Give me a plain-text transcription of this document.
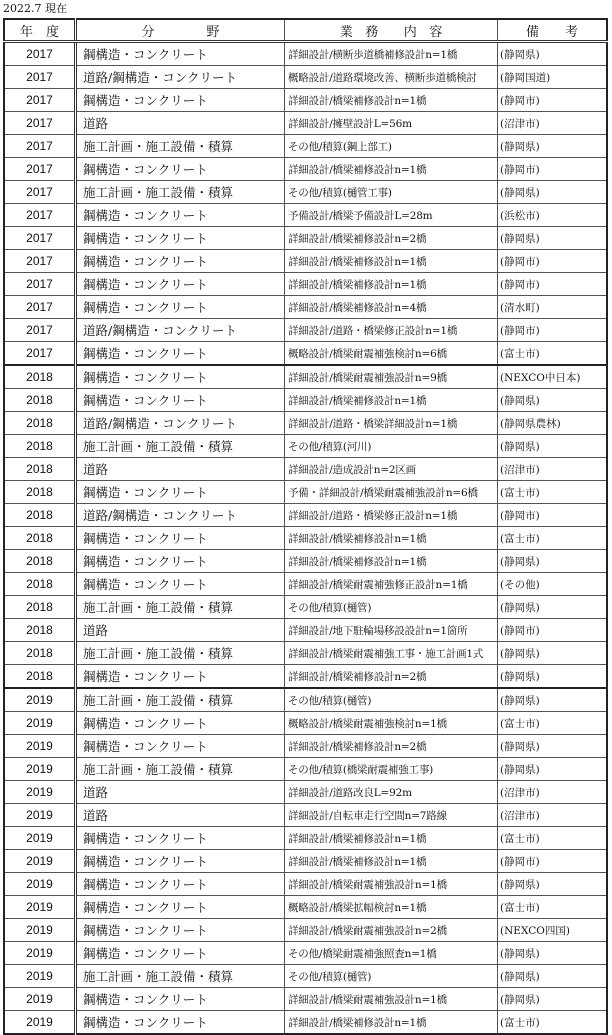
2022.7 現在
年　度	分　　　　野	業　務　　内　容	備　　考
2017	鋼構造・コンクリート	詳細設計/横断歩道橋補修設計n=1橋	(静岡県)
2017	道路/鋼構造・コンクリート	概略設計/道路環境改善、横断歩道橋検討	(静岡国道)
2017	鋼構造・コンクリート	詳細設計/橋梁補修設計n=1橋	(静岡市)
2017	道路	詳細設計/擁壁設計L=56m	(沼津市)
2017	施工計画・施工設備・積算	その他/積算(鋼上部工)	(静岡県)
2017	鋼構造・コンクリート	詳細設計/橋梁補修設計n=1橋	(静岡市)
2017	施工計画・施工設備・積算	その他/積算(樋管工事)	(静岡県)
2017	鋼構造・コンクリート	予備設計/橋梁予備設計L=28m	(浜松市)
2017	鋼構造・コンクリート	詳細設計/橋梁補修設計n=2橋	(静岡県)
2017	鋼構造・コンクリート	詳細設計/橋梁補修設計n=1橋	(静岡市)
2017	鋼構造・コンクリート	詳細設計/橋梁補修設計n=1橋	(静岡市)
2017	鋼構造・コンクリート	詳細設計/橋梁補修設計n=4橋	(清水町)
2017	道路/鋼構造・コンクリート	詳細設計/道路・橋梁修正設計n=1橋	(静岡市)
2017	鋼構造・コンクリート	概略設計/橋梁耐震補強検討n=6橋	(富士市)
2018	鋼構造・コンクリート	詳細設計/橋梁耐震補強設計n=9橋	(NEXCO中日本)
2018	鋼構造・コンクリート	詳細設計/橋梁補修設計n=1橋	(静岡県)
2018	道路/鋼構造・コンクリート	詳細設計/道路・橋梁詳細設計n=1橋	(静岡県農林)
2018	施工計画・施工設備・積算	その他/積算(河川)	(静岡県)
2018	道路	詳細設計/造成設計n=2区画	(沼津市)
2018	鋼構造・コンクリート	予備・詳細設計/橋梁耐震補強設計n=6橋	(富士市)
2018	道路/鋼構造・コンクリート	詳細設計/道路・橋梁修正設計n=1橋	(静岡市)
2018	鋼構造・コンクリート	詳細設計/橋梁補修設計n=1橋	(富士市)
2018	鋼構造・コンクリート	詳細設計/橋梁補修設計n=1橋	(静岡県)
2018	鋼構造・コンクリート	詳細設計/橋梁耐震補強修正設計n=1橋	(その他)
2018	施工計画・施工設備・積算	その他/積算(樋管)	(静岡県)
2018	道路	詳細設計/地下駐輪場移設設計n=1箇所	(静岡市)
2018	施工計画・施工設備・積算	詳細設計/橋梁耐震補強工事・施工計画1式	(静岡県)
2018	鋼構造・コンクリート	詳細設計/橋梁補修設計n=2橋	(静岡県)
2019	施工計画・施工設備・積算	その他/積算(樋管)	(静岡県)
2019	鋼構造・コンクリート	概略設計/橋梁耐震補強検討n=1橋	(富士市)
2019	鋼構造・コンクリート	詳細設計/橋梁補修設計n=2橋	(静岡県)
2019	施工計画・施工設備・積算	その他/積算(橋梁耐震補強工事)	(静岡県)
2019	道路	詳細設計/道路改良L=92m	(沼津市)
2019	道路	詳細設計/自転車走行空間n=7路線	(沼津市)
2019	鋼構造・コンクリート	詳細設計/橋梁補修設計n=1橋	(富士市)
2019	鋼構造・コンクリート	詳細設計/橋梁補修設計n=1橋	(静岡市)
2019	鋼構造・コンクリート	詳細設計/橋梁耐震補強設計n=1橋	(静岡県)
2019	鋼構造・コンクリート	概略設計/橋梁拡幅検討n=1橋	(富士市)
2019	鋼構造・コンクリート	詳細設計/橋梁耐震補強設計n=2橋	(NEXCO四国)
2019	鋼構造・コンクリート	その他/橋梁耐震補強照査n=1橋	(静岡県)
2019	施工計画・施工設備・積算	その他/積算(樋管)	(静岡県)
2019	鋼構造・コンクリート	詳細設計/橋梁耐震補強設計n=1橋	(静岡県)
2019	鋼構造・コンクリート	詳細設計/橋梁補修設計n=1橋	(富士市)
